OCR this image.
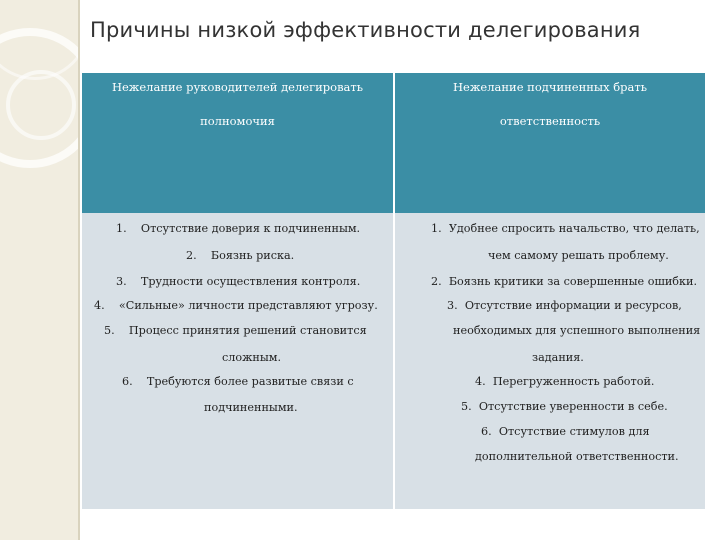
Причины низкой эффективности делегирования
Нежелание руководителей делегировать
полномочия
Нежелание подчиненных брать
ответственность
1. Отсутствие доверия к подчиненным.
2. Боязнь риска.
3. Трудности осуществления контроля.
4. «Сильные» личности представляют угрозу.
5. Процесс принятия решений становится
сложным.
6. Требуются более развитые связи с
подчиненными.
1. Удобнее спросить начальство, что делать,
чем самому решать проблему.
2. Боязнь критики за совершенные ошибки.
3. Отсутствие информации и ресурсов,
необходимых для успешного выполнения
задания.
4. Перегруженность работой.
5. Отсутствие уверенности в себе.
6. Отсутствие стимулов для
дополнительной ответственности.
